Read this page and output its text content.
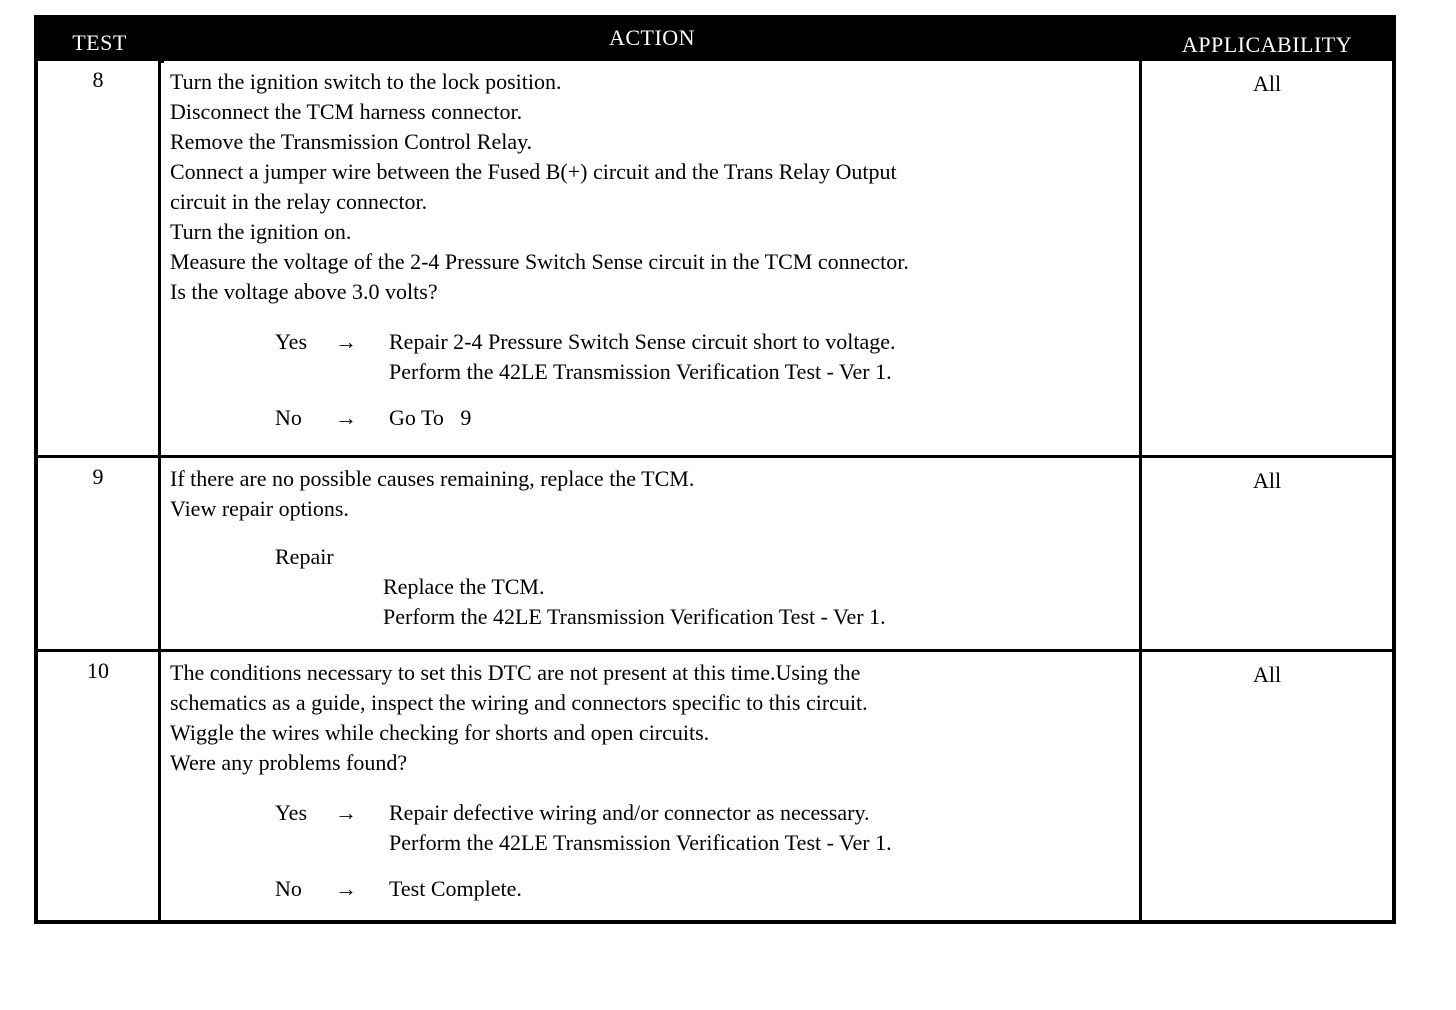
TEST	ACTION	APPLICABILITY
8	Turn the ignition switch to the lock position.
Disconnect the TCM harness connector.
Remove the Transmission Control Relay.
Connect a jumper wire between the Fused B(+) circuit and the Trans Relay Output
circuit in the relay connector.
Turn the ignition on.
Measure the voltage of the 2-4 Pressure Switch Sense circuit in the TCM connector.
Is the voltage above 3.0 volts?
Yes	→	Repair 2-4 Pressure Switch Sense circuit short to voltage.
Perform the 42LE Transmission Verification Test - Ver 1.
No	→	Go To   9
All
9	If there are no possible causes remaining, replace the TCM.
View repair options.
Repair
Replace the TCM.
Perform the 42LE Transmission Verification Test - Ver 1.
All
10	The conditions necessary to set this DTC are not present at this time.Using the
schematics as a guide, inspect the wiring and connectors specific to this circuit.
Wiggle the wires while checking for shorts and open circuits.
Were any problems found?
Yes	→	Repair defective wiring and/or connector as necessary.
Perform the 42LE Transmission Verification Test - Ver 1.
No	→	Test Complete.
All
